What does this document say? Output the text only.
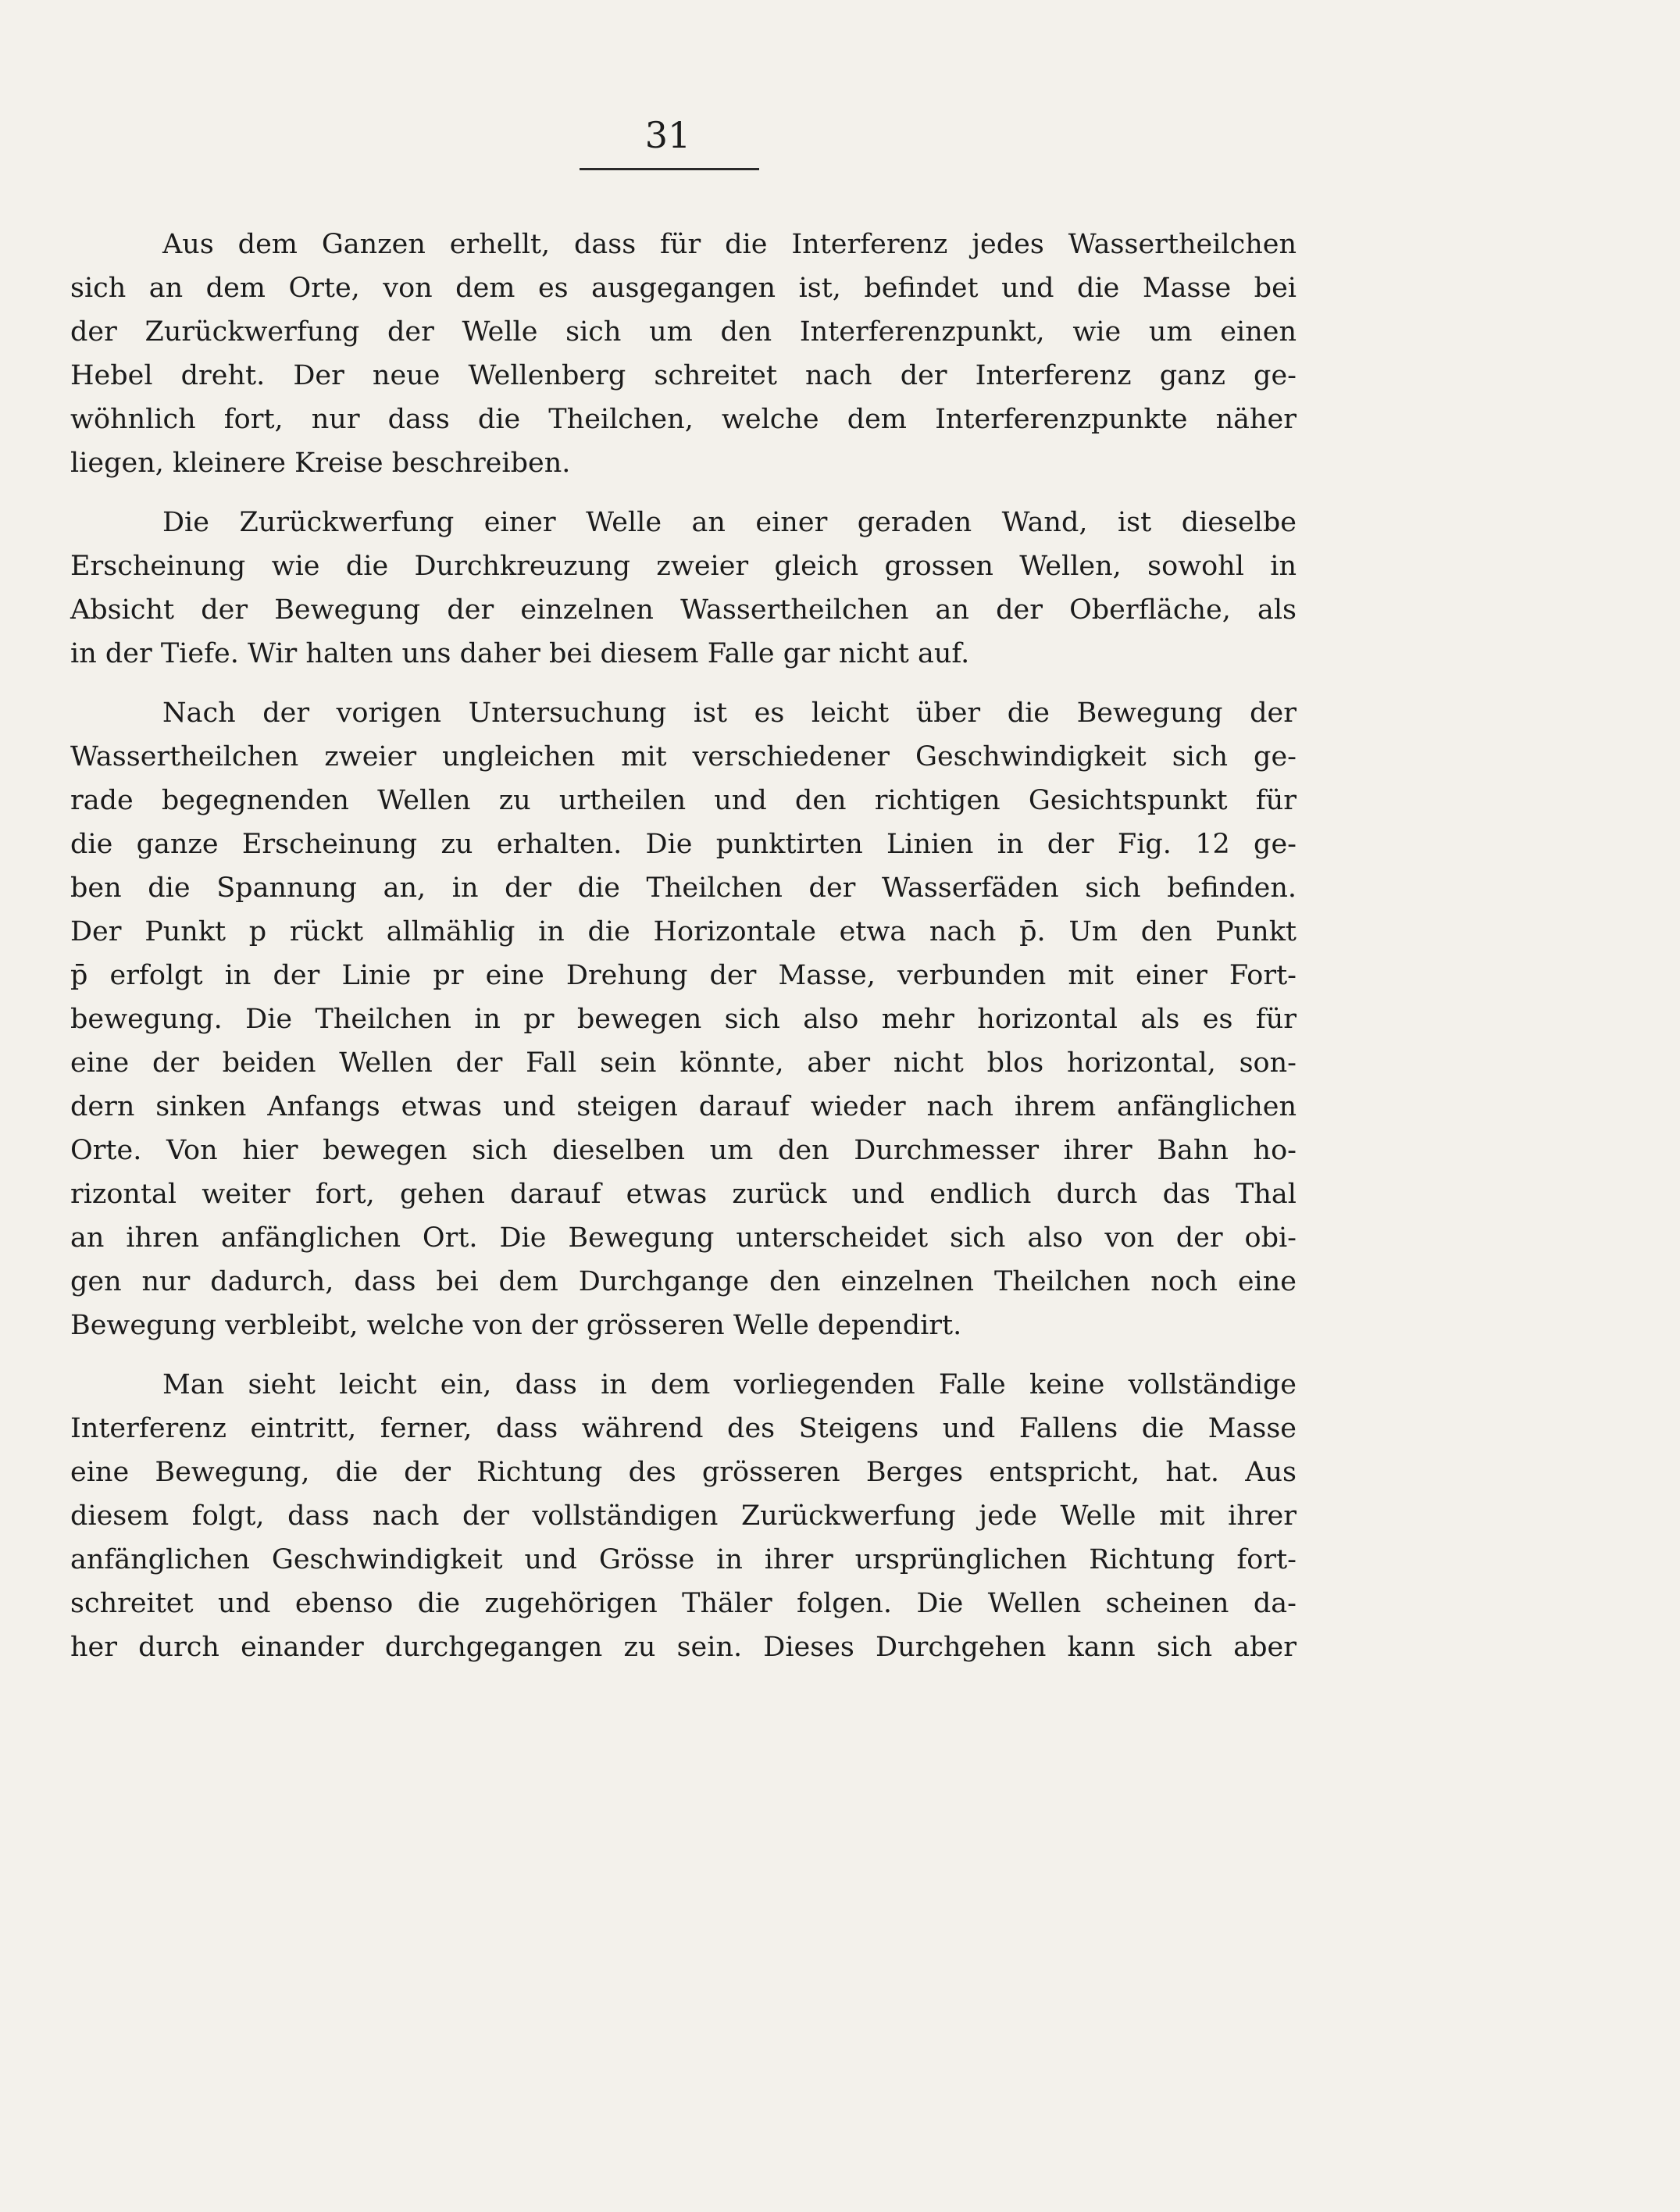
31
Aus dem Ganzen erhellt, dass für die Interferenz jedes Wassertheilchen
sich an dem Orte, von dem es ausgegangen ist, befindet und die Masse bei
der Zurückwerfung der Welle sich um den Interferenzpunkt, wie um einen
Hebel dreht. Der neue Wellenberg schreitet nach der Interferenz ganz ge-
wöhnlich fort, nur dass die Theilchen, welche dem Interferenzpunkte näher
liegen, kleinere Kreise beschreiben.
Die Zurückwerfung einer Welle an einer geraden Wand, ist dieselbe
Erscheinung wie die Durchkreuzung zweier gleich grossen Wellen, sowohl in
Absicht der Bewegung der einzelnen Wassertheilchen an der Oberfläche, als
in der Tiefe. Wir halten uns daher bei diesem Falle gar nicht auf.
Nach der vorigen Untersuchung ist es leicht über die Bewegung der
Wassertheilchen zweier ungleichen mit verschiedener Geschwindigkeit sich ge-
rade begegnenden Wellen zu urtheilen und den richtigen Gesichtspunkt für
die ganze Erscheinung zu erhalten. Die punktirten Linien in der Fig. 12 ge-
ben die Spannung an, in der die Theilchen der Wasserfäden sich befinden.
Der Punkt p rückt allmählig in die Horizontale etwa nach p̄. Um den Punkt
p̄ erfolgt in der Linie pr eine Drehung der Masse, verbunden mit einer Fort-
bewegung. Die Theilchen in pr bewegen sich also mehr horizontal als es für
eine der beiden Wellen der Fall sein könnte, aber nicht blos horizontal, son-
dern sinken Anfangs etwas und steigen darauf wieder nach ihrem anfänglichen
Orte. Von hier bewegen sich dieselben um den Durchmesser ihrer Bahn ho-
rizontal weiter fort, gehen darauf etwas zurück und endlich durch das Thal
an ihren anfänglichen Ort. Die Bewegung unterscheidet sich also von der obi-
gen nur dadurch, dass bei dem Durchgange den einzelnen Theilchen noch eine
Bewegung verbleibt, welche von der grösseren Welle dependirt.
Man sieht leicht ein, dass in dem vorliegenden Falle keine vollständige
Interferenz eintritt, ferner, dass während des Steigens und Fallens die Masse
eine Bewegung, die der Richtung des grösseren Berges entspricht, hat. Aus
diesem folgt, dass nach der vollständigen Zurückwerfung jede Welle mit ihrer
anfänglichen Geschwindigkeit und Grösse in ihrer ursprünglichen Richtung fort-
schreitet und ebenso die zugehörigen Thäler folgen. Die Wellen scheinen da-
her durch einander durchgegangen zu sein. Dieses Durchgehen kann sich aber
